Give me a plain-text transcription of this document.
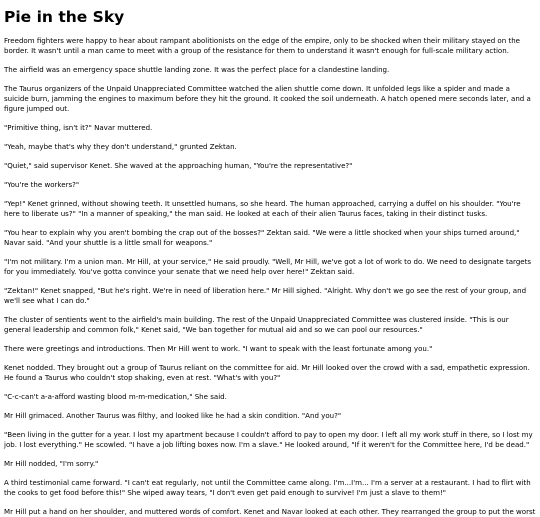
Pie in the Sky

Freedom fighters were happy to hear about rampant abolitionists on the edge of the empire, only to be shocked when their military stayed on the border. It wasn't until a man came to meet with a group of the resistance for them to understand it wasn't enough for full-scale military action.

The airfield was an emergency space shuttle landing zone. It was the perfect place for a clandestine landing.

The Taurus organizers of the Unpaid Unappreciated Committee watched the alien shuttle come down. It unfolded legs like a spider and made a suicide burn, jamming the engines to maximum before they hit the ground. It cooked the soil underneath. A hatch opened mere seconds later, and a figure jumped out.

"Primitive thing, isn't it?" Navar muttered.

"Yeah, maybe that's why they don't understand," grunted Zektan.

"Quiet," said supervisor Kenet. She waved at the approaching human, "You're the representative?"

"You're the workers?"

"Yep!" Kenet grinned, without showing teeth. It unsettled humans, so she heard. The human approached, carrying a duffel on his shoulder. "You're here to liberate us?" "In a manner of speaking," the man said. He looked at each of their alien Taurus faces, taking in their distinct tusks.

"You hear to explain why you aren't bombing the crap out of the bosses?" Zektan said. "We were a little shocked when your ships turned around," Navar said. "And your shuttle is a little small for weapons."

"I'm not military. I'm a union man. Mr Hill, at your service," He said proudly. "Well, Mr Hill, we've got a lot of work to do. We need to designate targets for you immediately. You've gotta convince your senate that we need help over here!" Zektan said.

"Zektan!" Kenet snapped, "But he's right. We're in need of liberation here." Mr Hill sighed. "Alright. Why don't we go see the rest of your group, and we'll see what I can do."

The cluster of sentients went to the airfield's main building. The rest of the Unpaid Unappreciated Committee was clustered inside. "This is our general leadership and common folk," Kenet said, "We ban together for mutual aid and so we can pool our resources."

There were greetings and introductions. Then Mr Hill went to work. "I want to speak with the least fortunate among you."

Kenet nodded. They brought out a group of Taurus reliant on the committee for aid. Mr Hill looked over the crowd with a sad, empathetic expression. He found a Taurus who couldn't stop shaking, even at rest. "What's with you?"

"C-c-can't a-a-afford wasting blood m-m-medication," She said.

Mr Hill grimaced. Another Taurus was filthy, and looked like he had a skin condition. "And you?"

"Been living in the gutter for a year. I lost my apartment because I couldn't afford to pay to open my door. I left all my work stuff in there, so I lost my job. I lost everything." He scowled. "I have a job lifting boxes now. I'm a slave." He looked around, "If it weren't for the Committee here, I'd be dead."

Mr Hill nodded, "I'm sorry."

A third testimonial came forward. "I can't eat regularly, not until the Committee came along. I'm...I'm... I'm a server at a restaurant. I had to flirt with the cooks to get food before this!" She wiped away tears, "I don't even get paid enough to survive! I'm just a slave to them!"

Mr Hill put a hand on her shoulder, and muttered words of comfort. Kenet and Navar looked at each other. They rearranged the group to put the worst
